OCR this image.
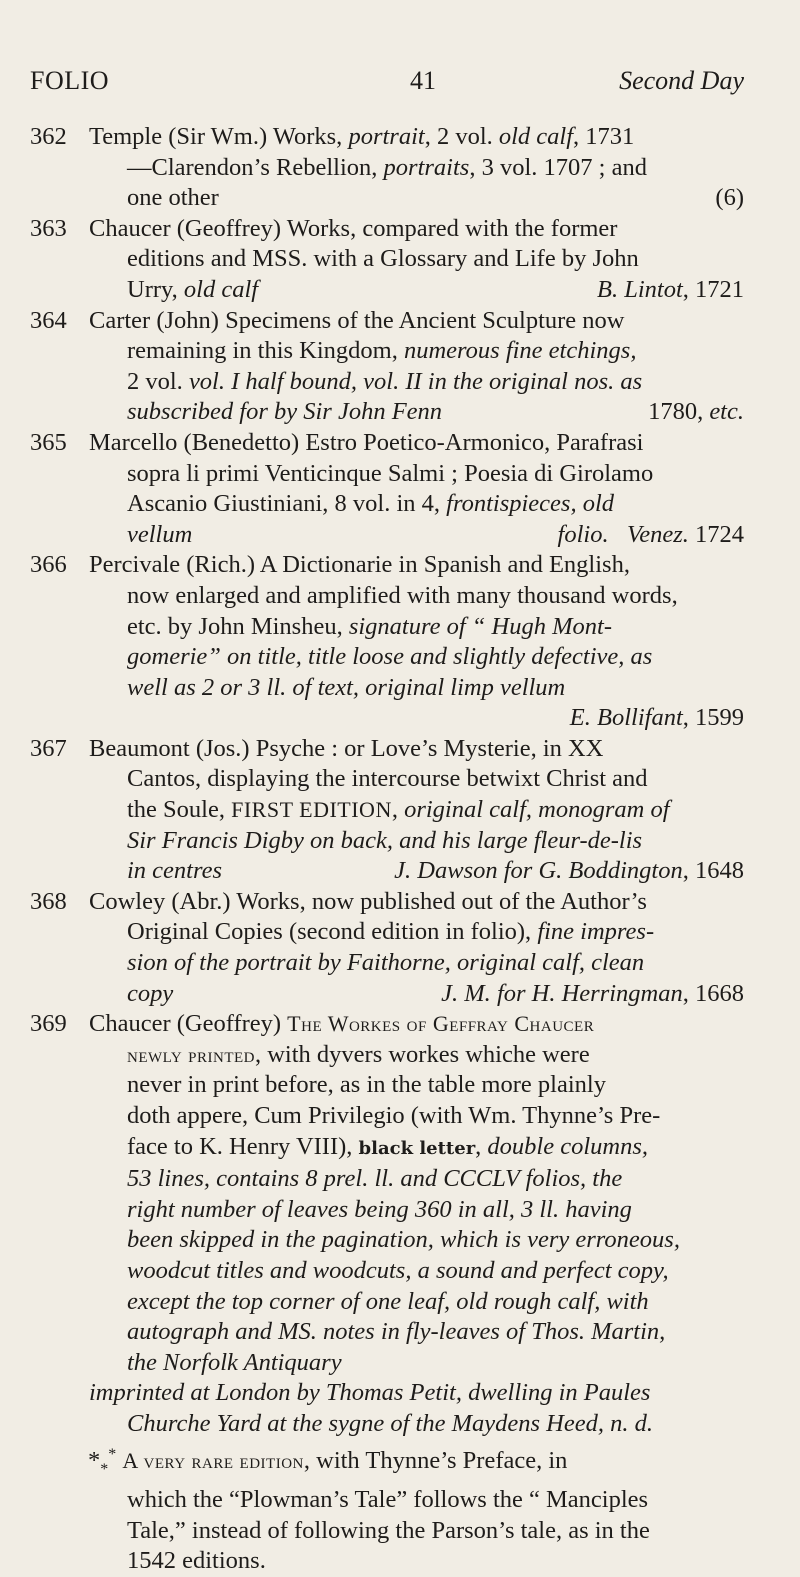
FOLIO	41	Second Day
362 Temple (Sir Wm.) Works, portrait, 2 vol. old calf, 1731
—Clarendon’s Rebellion, portraits, 3 vol. 1707 ; and
one other	(6)
363 Chaucer (Geoffrey) Works, compared with the former
editions and MSS. with a Glossary and Life by John
Urry, old calf	B. Lintot, 1721
364 Carter (John) Specimens of the Ancient Sculpture now
remaining in this Kingdom, numerous fine etchings,
2 vol. vol. I half bound, vol. II in the original nos. as
subscribed for by Sir John Fenn	1780, etc.
365 Marcello (Benedetto) Estro Poetico-Armonico, Parafrasi
sopra li primi Venticinque Salmi ; Poesia di Girolamo
Ascanio Giustiniani, 8 vol. in 4, frontispieces, old
vellum	folio. Venez. 1724
366 Percivale (Rich.) A Dictionarie in Spanish and English,
now enlarged and amplified with many thousand words,
etc. by John Minsheu, signature of “ Hugh Mont-
gomerie” on title, title loose and slightly defective, as
well as 2 or 3 ll. of text, original limp vellum
E. Bollifant, 1599
367 Beaumont (Jos.) Psyche : or Love’s Mysterie, in XX
Cantos, displaying the intercourse betwixt Christ and
the Soule, FIRST EDITION, original calf, monogram of
Sir Francis Digby on back, and his large fleur-de-lis
in centres	J. Dawson for G. Boddington, 1648
368 Cowley (Abr.) Works, now published out of the Author’s
Original Copies (second edition in folio), fine impres-
sion of the portrait by Faithorne, original calf, clean
copy	J. M. for H. Herringman, 1668
369 Chaucer (Geoffrey) The Workes of Geffray Chaucer
newly printed, with dyvers workes whiche were
never in print before, as in the table more plainly
doth appere, Cum Privilegio (with Wm. Thynne’s Pre-
face to K. Henry VIII), black letter, double columns,
53 lines, contains 8 prel. ll. and CCCLV folios, the
right number of leaves being 360 in all, 3 ll. having
been skipped in the pagination, which is very erroneous,
woodcut titles and woodcuts, a sound and perfect copy,
except the top corner of one leaf, old rough calf, with
autograph and MS. notes in fly-leaves of Thos. Martin,
the Norfolk Antiquary
imprinted at London by Thomas Petit, dwelling in Paules
Churche Yard at the sygne of the Maydens Heed, n. d.
$*_*^*$ A very rare edition, with Thynne’s Preface, in
which the “Plowman’s Tale” follows the “ Manciples
Tale,” instead of following the Parson’s tale, as in the
1542 editions.
